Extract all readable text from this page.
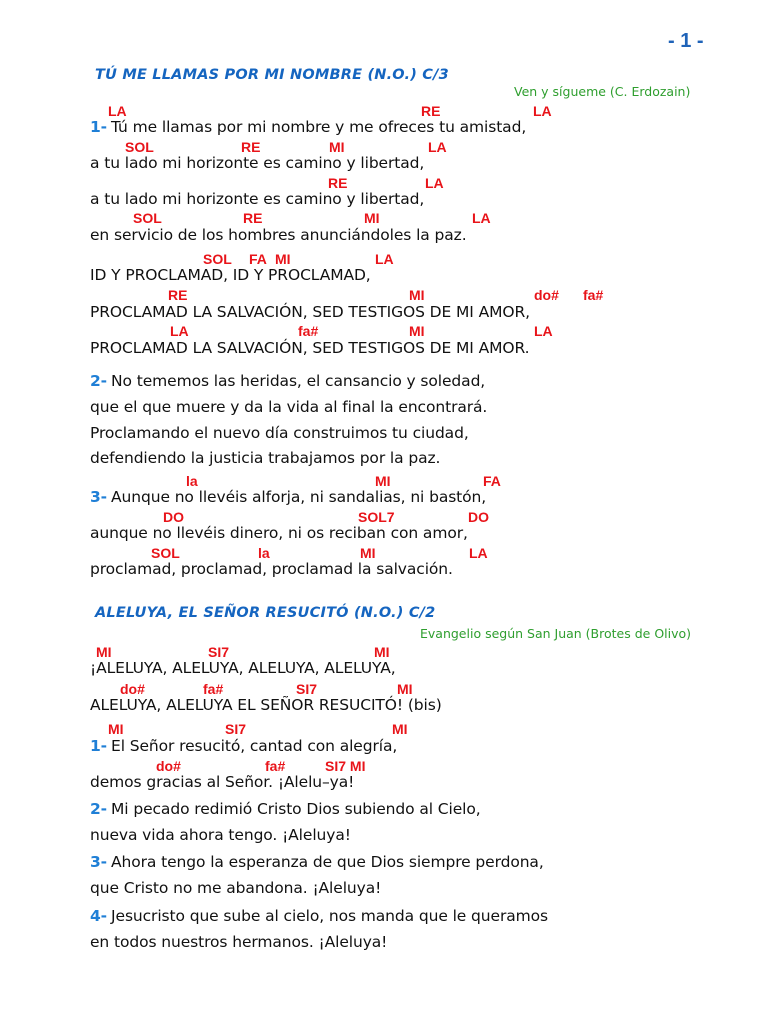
- 1 -
TÚ ME LLAMAS POR MI NOMBRE (N.O.) C/3
Ven y sígueme (C. Erdozain)
LA	RE	LA
1- Tú me llamas por mi nombre y me ofreces tu amistad,
SOL	RE	MI	LA
a tu lado mi horizonte es camino y libertad,
RE	LA
a tu lado mi horizonte es camino y libertad,
SOL	RE	MI	LA
en servicio de los hombres anunciándoles la paz.
SOL FA MI	LA
ID Y PROCLAMAD, ID Y PROCLAMAD,
RE	MI	do# fa#
PROCLAMAD LA SALVACIÓN, SED TESTIGOS DE MI AMOR,
LA	fa#	MI	LA
PROCLAMAD LA SALVACIÓN, SED TESTIGOS DE MI AMOR.
2- No tememos las heridas, el cansancio y soledad,
que el que muere y da la vida al final la encontrará.
Proclamando el nuevo día construimos tu ciudad,
defendiendo la justicia trabajamos por la paz.
la	MI	FA
3- Aunque no llevéis alforja, ni sandalias, ni bastón,
DO	SOL7	DO
aunque no llevéis dinero, ni os reciban con amor,
SOL	la	MI	LA
proclamad, proclamad, proclamad la salvación.
ALELUYA, EL SEÑOR RESUCITÓ (N.O.) C/2
Evangelio según San Juan (Brotes de Olivo)
MI	SI7	MI
¡ALELUYA, ALELUYA, ALELUYA, ALELUYA,
do#	fa#	SI7	MI
ALELUYA, ALELUYA EL SEÑOR RESUCITÓ! (bis)
MI	SI7	MI
1- El Señor resucitó, cantad con alegría,
do#	fa#	SI7 MI
demos gracias al Señor. ¡Alelu–ya!
2- Mi pecado redimió Cristo Dios subiendo al Cielo,
nueva vida ahora tengo. ¡Aleluya!
3- Ahora tengo la esperanza de que Dios siempre perdona,
que Cristo no me abandona. ¡Aleluya!
4- Jesucristo que sube al cielo, nos manda que le queramos
en todos nuestros hermanos. ¡Aleluya!
